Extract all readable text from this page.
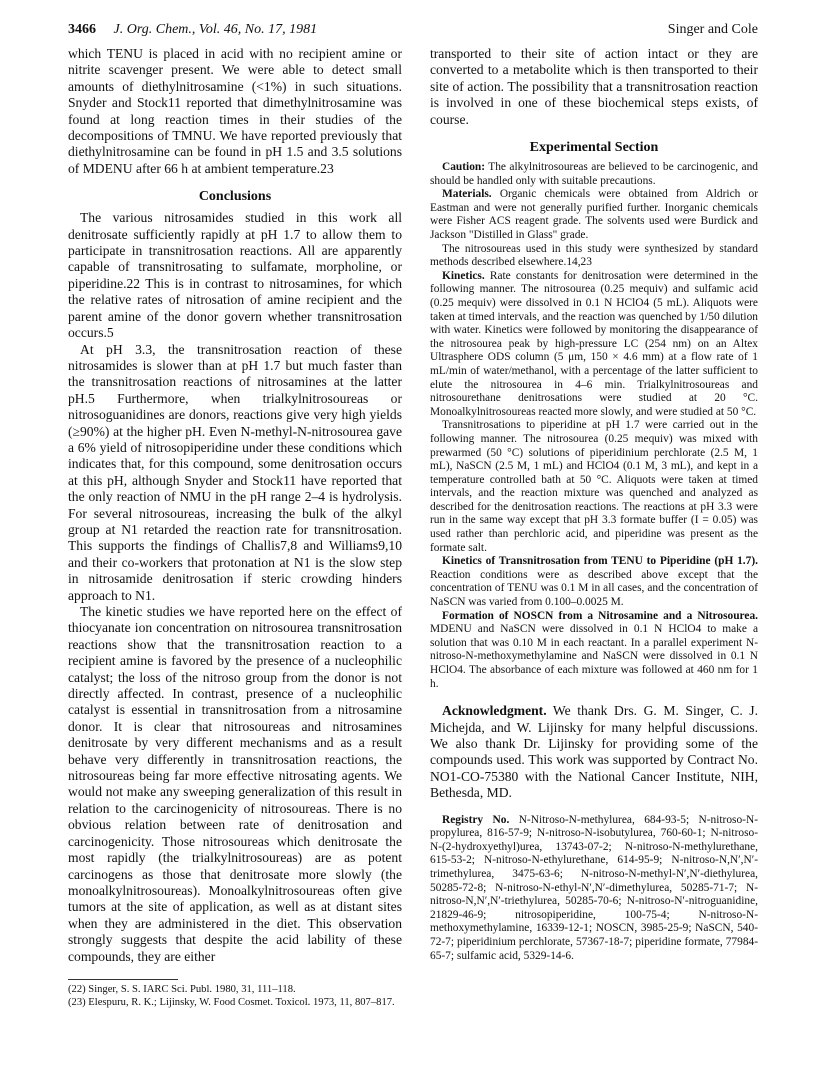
3466 J. Org. Chem., Vol. 46, No. 17, 1981	Singer and Cole

which TENU is placed in acid with no recipient amine or nitrite scavenger present. We were able to detect small amounts of diethylnitrosamine (<1%) in such situations. Snyder and Stock11 reported that dimethylnitrosamine was found at long reaction times in their studies of the decompositions of TMNU. We have reported previously that diethylnitrosamine can be found in pH 1.5 and 3.5 solutions of MDENU after 66 h at ambient temperature.23

Conclusions

The various nitrosamides studied in this work all denitrosate sufficiently rapidly at pH 1.7 to allow them to participate in transnitrosation reactions. All are apparently capable of transnitrosating to sulfamate, morpholine, or piperidine.22 This is in contrast to nitrosamines, for which the relative rates of nitrosation of amine recipient and the parent amine of the donor govern whether transnitrosation occurs.5

At pH 3.3, the transnitrosation reaction of these nitrosamides is slower than at pH 1.7 but much faster than the transnitrosation reactions of nitrosamines at the latter pH.5 Furthermore, when trialkylnitrosoureas or nitrosoguanidines are donors, reactions give very high yields (≥90%) at the higher pH. Even N-methyl-N-nitrosourea gave a 6% yield of nitrosopiperidine under these conditions which indicates that, for this compound, some denitrosation occurs at this pH, although Snyder and Stock11 have reported that the only reaction of NMU in the pH range 2–4 is hydrolysis. For several nitrosoureas, increasing the bulk of the alkyl group at N1 retarded the reaction rate for transnitrosation. This supports the findings of Challis7,8 and Williams9,10 and their co-workers that protonation at N1 is the slow step in nitrosamide denitrosation if steric crowding hinders approach to N1.

The kinetic studies we have reported here on the effect of thiocyanate ion concentration on nitrosourea transnitrosation reactions show that the transnitrosation reaction to a recipient amine is favored by the presence of a nucleophilic catalyst; the loss of the nitroso group from the donor is not directly affected. In contrast, presence of a nucleophilic catalyst is essential in transnitrosation from a nitrosamine donor. It is clear that nitrosoureas and nitrosamines denitrosate by very different mechanisms and as a result behave very differently in transnitrosation reactions, the nitrosoureas being far more effective nitrosating agents. We would not make any sweeping generalization of this result in relation to the carcinogenicity of nitrosoureas. There is no obvious relation between rate of denitrosation and carcinogenicity. Those nitrosoureas which denitrosate the most rapidly (the trialkylnitrosoureas) are as potent carcinogens as those that denitrosate more slowly (the monoalkylnitrosoureas). Monoalkylnitrosoureas often give tumors at the site of application, as well as at distant sites when they are administered in the diet. This observation strongly suggests that despite the acid lability of these compounds, they are either

(22) Singer, S. S. IARC Sci. Publ. 1980, 31, 111–118.

(23) Elespuru, R. K.; Lijinsky, W. Food Cosmet. Toxicol. 1973, 11, 807–817.

transported to their site of action intact or they are converted to a metabolite which is then transported to their site of action. The possibility that a transnitrosation reaction is involved in one of these biochemical steps exists, of course.

Experimental Section

Caution: The alkylnitrosoureas are believed to be carcinogenic, and should be handled only with suitable precautions.

Materials. Organic chemicals were obtained from Aldrich or Eastman and were not generally purified further. Inorganic chemicals were Fisher ACS reagent grade. The solvents used were Burdick and Jackson "Distilled in Glass" grade.

The nitrosoureas used in this study were synthesized by standard methods described elsewhere.14,23

Kinetics. Rate constants for denitrosation were determined in the following manner. The nitrosourea (0.25 mequiv) and sulfamic acid (0.25 mequiv) were dissolved in 0.1 N HClO4 (5 mL). Aliquots were taken at timed intervals, and the reaction was quenched by 1/50 dilution with water. Kinetics were followed by monitoring the disappearance of the nitrosourea peak by high-pressure LC (254 nm) on an Altex Ultrasphere ODS column (5 μm, 150 × 4.6 mm) at a flow rate of 1 mL/min of water/methanol, with a percentage of the latter sufficient to elute the nitrosourea in 4–6 min. Trialkylnitrosoureas and nitrosourethane denitrosations were studied at 20 °C. Monoalkylnitrosoureas reacted more slowly, and were studied at 50 °C.

Transnitrosations to piperidine at pH 1.7 were carried out in the following manner. The nitrosourea (0.25 mequiv) was mixed with prewarmed (50 °C) solutions of piperidinium perchlorate (2.5 M, 1 mL), NaSCN (2.5 M, 1 mL) and HClO4 (0.1 M, 3 mL), and kept in a temperature controlled bath at 50 °C. Aliquots were taken at timed intervals, and the reaction mixture was quenched and analyzed as described for the denitrosation reactions. The reactions at pH 3.3 were run in the same way except that pH 3.3 formate buffer (I = 0.05) was used rather than perchloric acid, and piperidine was present as the formate salt.

Kinetics of Transnitrosation from TENU to Piperidine (pH 1.7). Reaction conditions were as described above except that the concentration of TENU was 0.1 M in all cases, and the concentration of NaSCN was varied from 0.100–0.0025 M.

Formation of NOSCN from a Nitrosamine and a Nitrosourea. MDENU and NaSCN were dissolved in 0.1 N HClO4 to make a solution that was 0.10 M in each reactant. In a parallel experiment N-nitroso-N-methoxymethylamine and NaSCN were dissolved in 0.1 N HClO4. The absorbance of each mixture was followed at 460 nm for 1 h.

Acknowledgment. We thank Drs. G. M. Singer, C. J. Michejda, and W. Lijinsky for many helpful discussions. We also thank Dr. Lijinsky for providing some of the compounds used. This work was supported by Contract No. NO1-CO-75380 with the National Cancer Institute, NIH, Bethesda, MD.

Registry No. N-Nitroso-N-methylurea, 684-93-5; N-nitroso-N-propylurea, 816-57-9; N-nitroso-N-isobutylurea, 760-60-1; N-nitroso-N-(2-hydroxyethyl)urea, 13743-07-2; N-nitroso-N-methylurethane, 615-53-2; N-nitroso-N-ethylurethane, 614-95-9; N-nitroso-N,N′,N′-trimethylurea, 3475-63-6; N-nitroso-N-methyl-N′,N′-diethylurea, 50285-72-8; N-nitroso-N-ethyl-N′,N′-dimethylurea, 50285-71-7; N-nitroso-N,N′,N′-triethylurea, 50285-70-6; N-nitroso-N′-nitroguanidine, 21829-46-9; nitrosopiperidine, 100-75-4; N-nitroso-N-methoxymethylamine, 16339-12-1; NOSCN, 3985-25-9; NaSCN, 540-72-7; piperidinium perchlorate, 57367-18-7; piperidine formate, 77984-65-7; sulfamic acid, 5329-14-6.
